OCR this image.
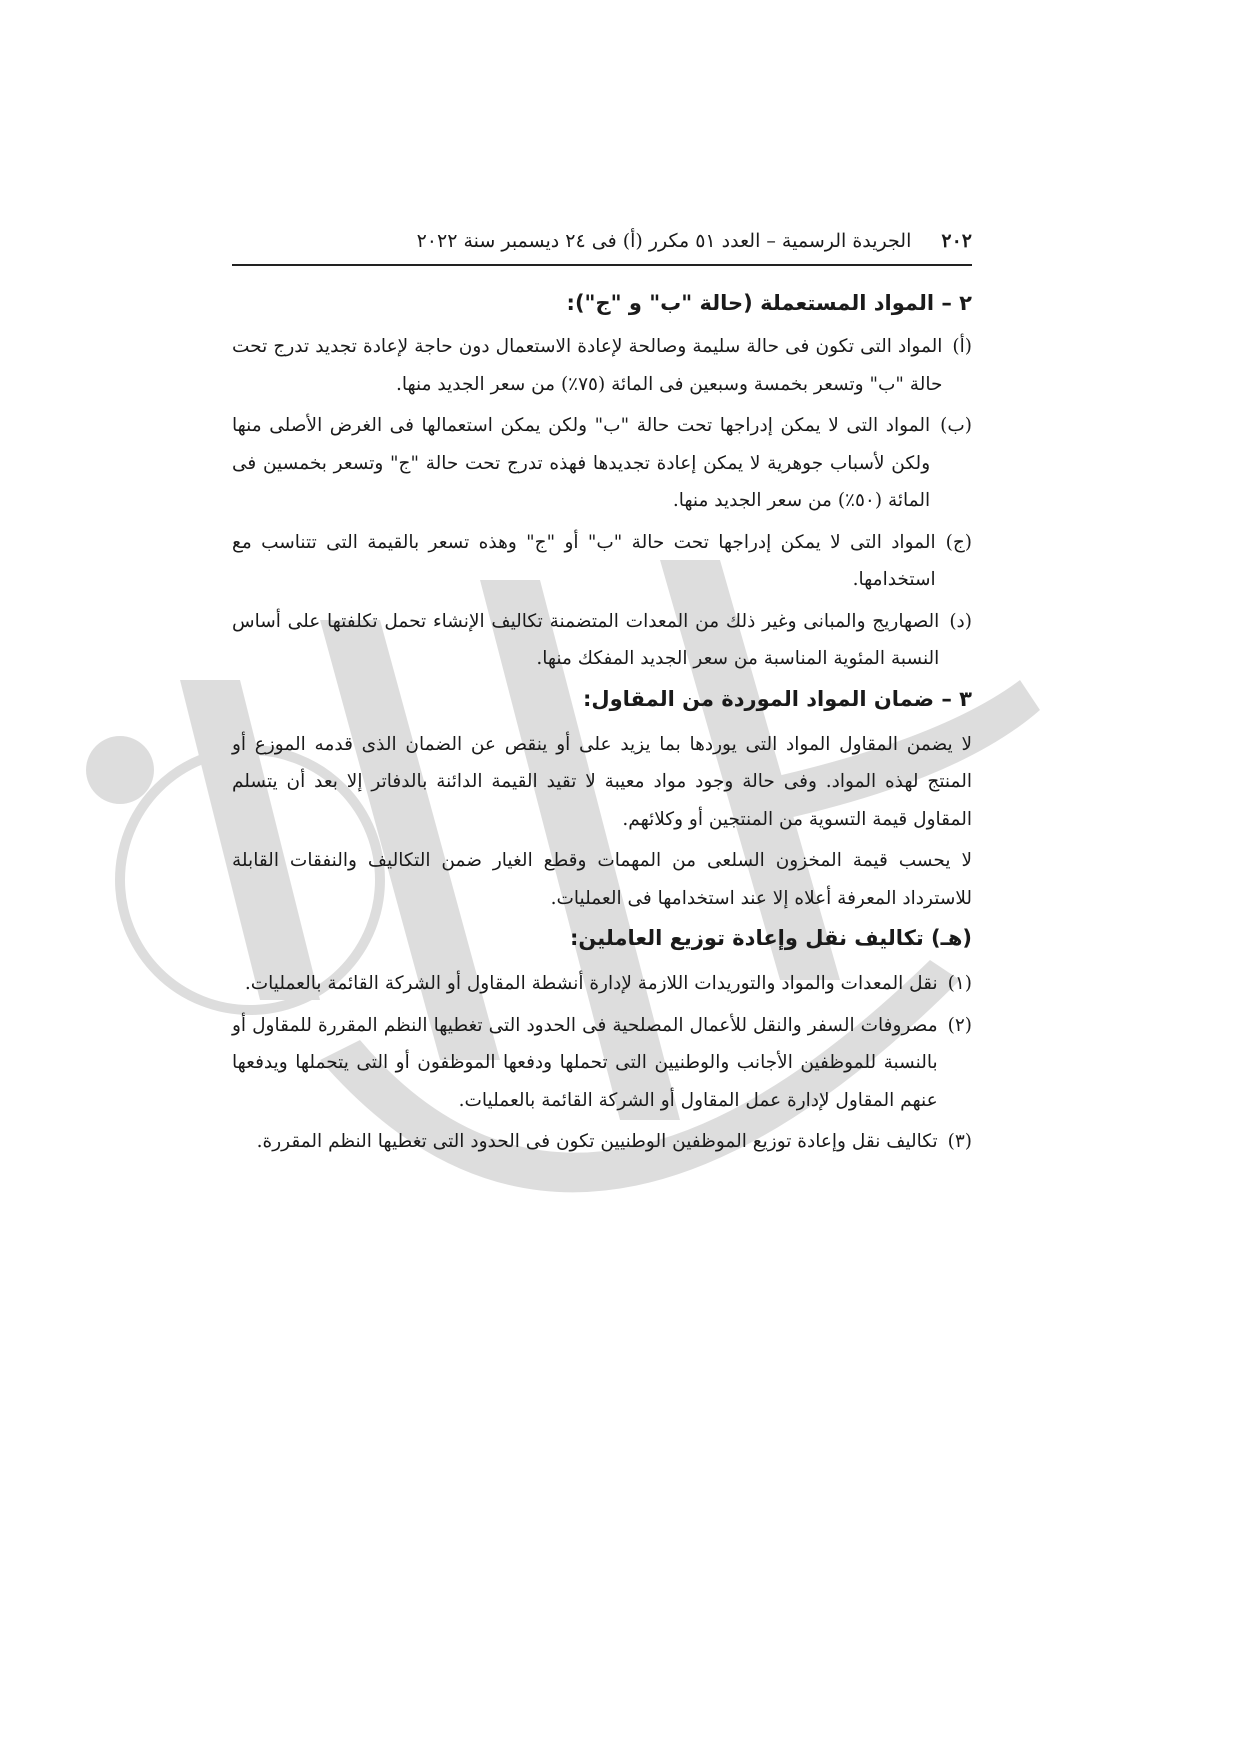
٢٠٢
الجريدة الرسمية – العدد ٥١ مكرر (أ) فى ٢٤ ديسمبر سنة ٢٠٢٢
٢ – المواد المستعملة (حالة "ب" و "ج"):
(أ)
المواد التى تكون فى حالة سليمة وصالحة لإعادة الاستعمال دون حاجة لإعادة تجديد تدرج تحت حالة "ب" وتسعر بخمسة وسبعين فى المائة (٧٥٪) من سعر الجديد منها.
(ب)
المواد التى لا يمكن إدراجها تحت حالة "ب" ولكن يمكن استعمالها فى الغرض الأصلى منها ولكن لأسباب جوهرية لا يمكن إعادة تجديدها فهذه تدرج تحت حالة "ج" وتسعر بخمسين فى المائة (٥٠٪) من سعر الجديد منها.
(ج)
المواد التى لا يمكن إدراجها تحت حالة "ب" أو "ج" وهذه تسعر بالقيمة التى تتناسب مع استخدامها.
(د)
الصهاريج والمبانى وغير ذلك من المعدات المتضمنة تكاليف الإنشاء تحمل تكلفتها على أساس النسبة المئوية المناسبة من سعر الجديد المفكك منها.
٣ – ضمان المواد الموردة من المقاول:

لا يضمن المقاول المواد التى يوردها بما يزيد على أو ينقص عن الضمان الذى قدمه الموزع أو المنتج لهذه المواد. وفى حالة وجود مواد معيبة لا تقيد القيمة الدائنة بالدفاتر إلا بعد أن يتسلم المقاول قيمة التسوية من المنتجين أو وكلائهم.

لا يحسب قيمة المخزون السلعى من المهمات وقطع الغيار ضمن التكاليف والنفقات القابلة للاسترداد المعرفة أعلاه إلا عند استخدامها فى العمليات.

(هـ) تكاليف نقل وإعادة توزيع العاملين:
(١)
نقل المعدات والمواد والتوريدات اللازمة لإدارة أنشطة المقاول أو الشركة القائمة بالعمليات.
(٢)
مصروفات السفر والنقل للأعمال المصلحية فى الحدود التى تغطيها النظم المقررة للمقاول أو بالنسبة للموظفين الأجانب والوطنيين التى تحملها ودفعها الموظفون أو التى يتحملها ويدفعها عنهم المقاول لإدارة عمل المقاول أو الشركة القائمة بالعمليات.
(٣)
تكاليف نقل وإعادة توزيع الموظفين الوطنيين تكون فى الحدود التى تغطيها النظم المقررة.
